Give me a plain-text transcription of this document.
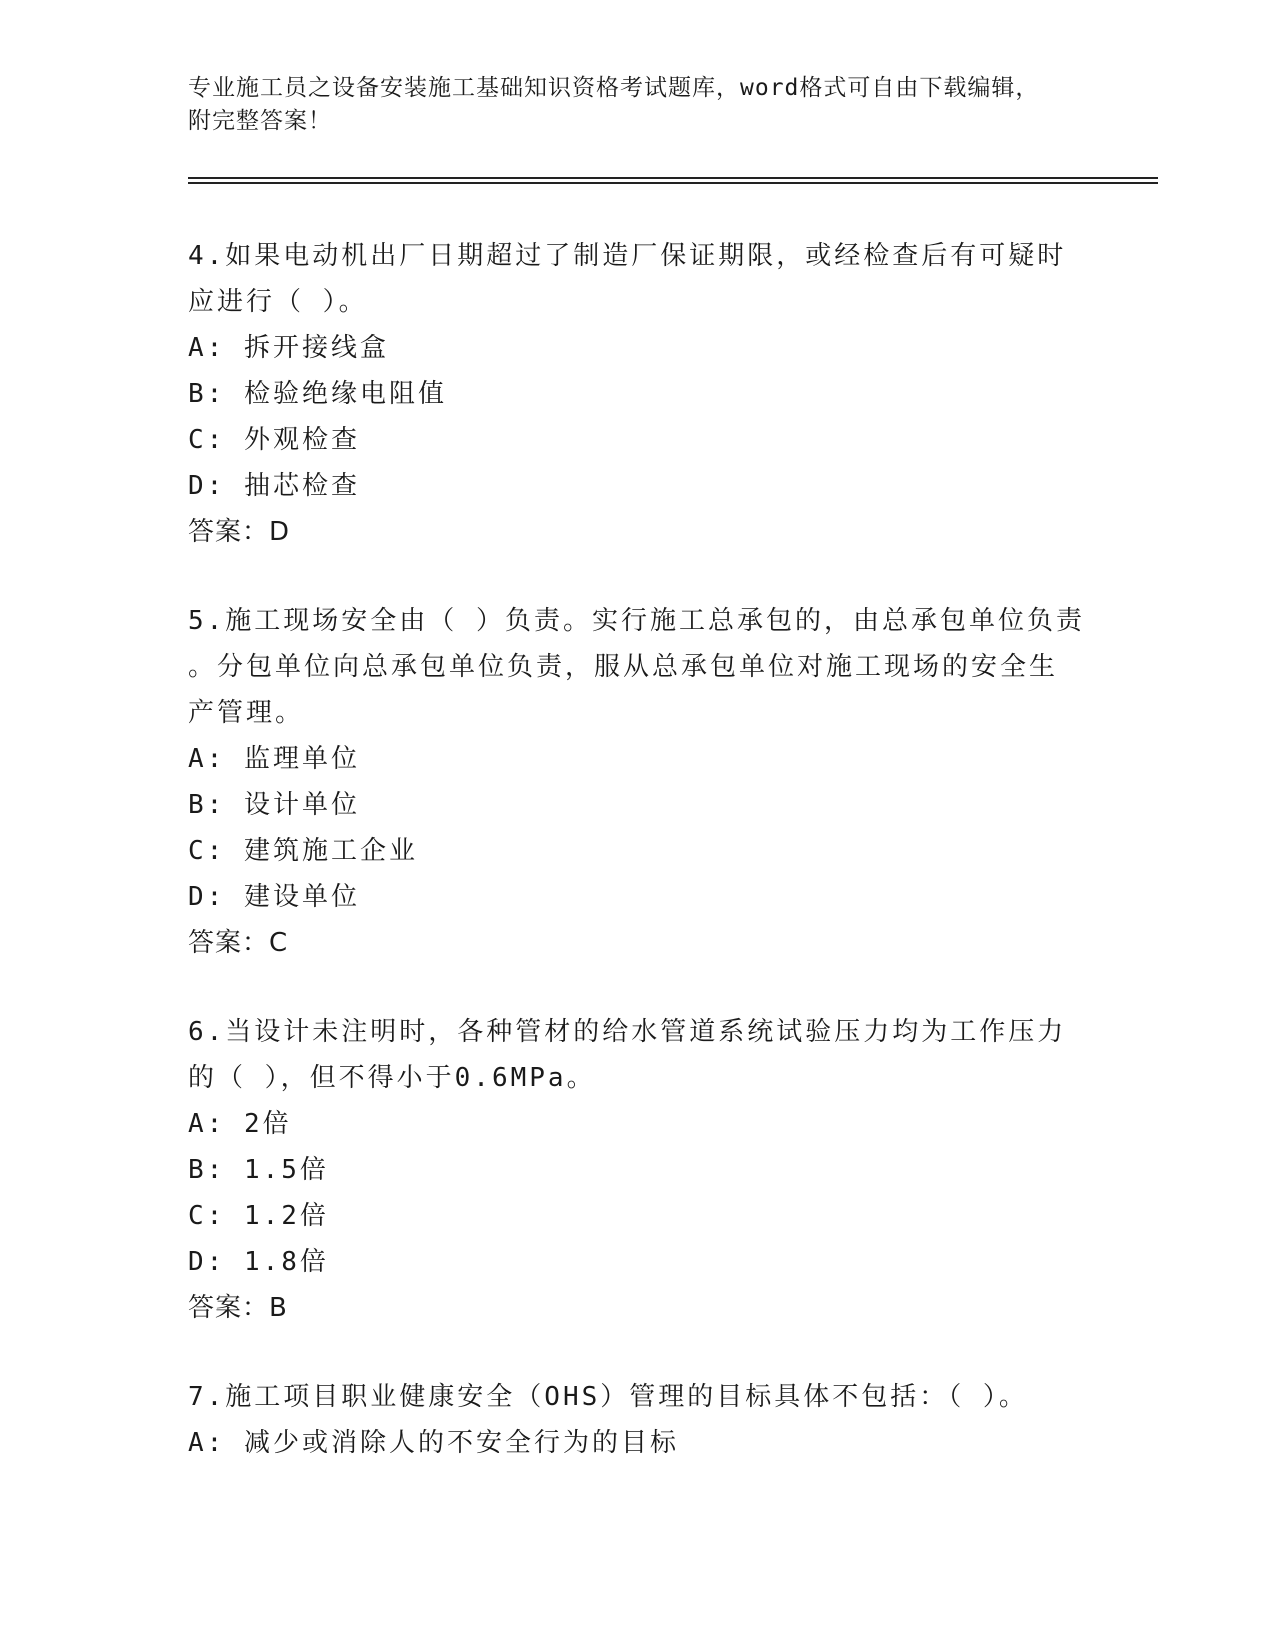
专业施工员之设备安装施工基础知识资格考试题库，word格式可自由下载编辑，
附完整答案！
4.如果电动机出厂日期超过了制造厂保证期限，或经检查后有可疑时
应进行（ ）。
A: 拆开接线盒
B: 检验绝缘电阻值
C: 外观检查
D: 抽芯检查
答案：D
5.施工现场安全由（ ）负责。实行施工总承包的，由总承包单位负责
。分包单位向总承包单位负责，服从总承包单位对施工现场的安全生
产管理。
A: 监理单位
B: 设计单位
C: 建筑施工企业
D: 建设单位
答案：C
6.当设计未注明时，各种管材的给水管道系统试验压力均为工作压力
的（ ），但不得小于0.6MPa。
A: 2倍
B: 1.5倍
C: 1.2倍
D: 1.8倍
答案：B
7.施工项目职业健康安全（OHS）管理的目标具体不包括：（ ）。
A: 减少或消除人的不安全行为的目标
